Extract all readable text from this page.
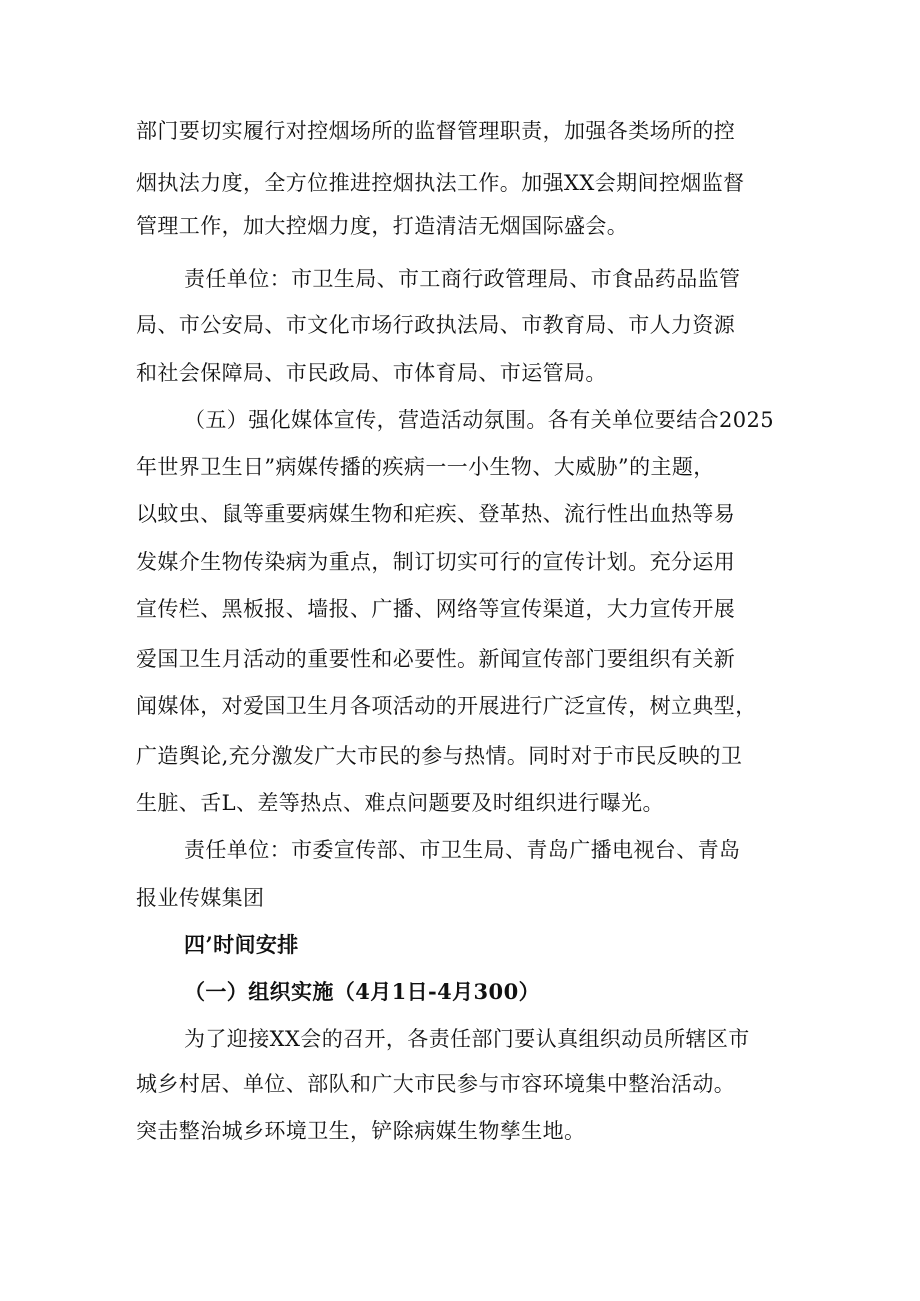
部门要切实履行对控烟场所的监督管理职责，加强各类场所的控
烟执法力度，全方位推进控烟执法工作。加强XX会期间控烟监督
管理工作，加大控烟力度，打造清洁无烟国际盛会。
责任单位：市卫生局、市工商行政管理局、市食品药品监管
局、市公安局、市文化市场行政执法局、市教育局、市人力资源
和社会保障局、市民政局、市体育局、市运管局。
（五）强化媒体宣传，营造活动氛围。各有关单位要结合2025
年世界卫生日”病媒传播的疾病一一小生物、大威胁”的主题，
以蚊虫、鼠等重要病媒生物和疟疾、登革热、流行性出血热等易
发媒介生物传染病为重点，制订切实可行的宣传计划。充分运用
宣传栏、黑板报、墙报、广播、网络等宣传渠道，大力宣传开展
爱国卫生月活动的重要性和必要性。新闻宣传部门要组织有关新
闻媒体，对爱国卫生月各项活动的开展进行广泛宣传，树立典型，
广造舆论,充分激发广大市民的参与热情。同时对于市民反映的卫
生脏、舌L、差等热点、难点问题要及时组织进行曝光。
责任单位：市委宣传部、市卫生局、青岛广播电视台、青岛
报业传媒集团
四’时间安排
（一）组织实施（4月1日-4月300）
为了迎接XX会的召开，各责任部门要认真组织动员所辖区市
城乡村居、单位、部队和广大市民参与市容环境集中整治活动。
突击整治城乡环境卫生，铲除病媒生物孳生地。
